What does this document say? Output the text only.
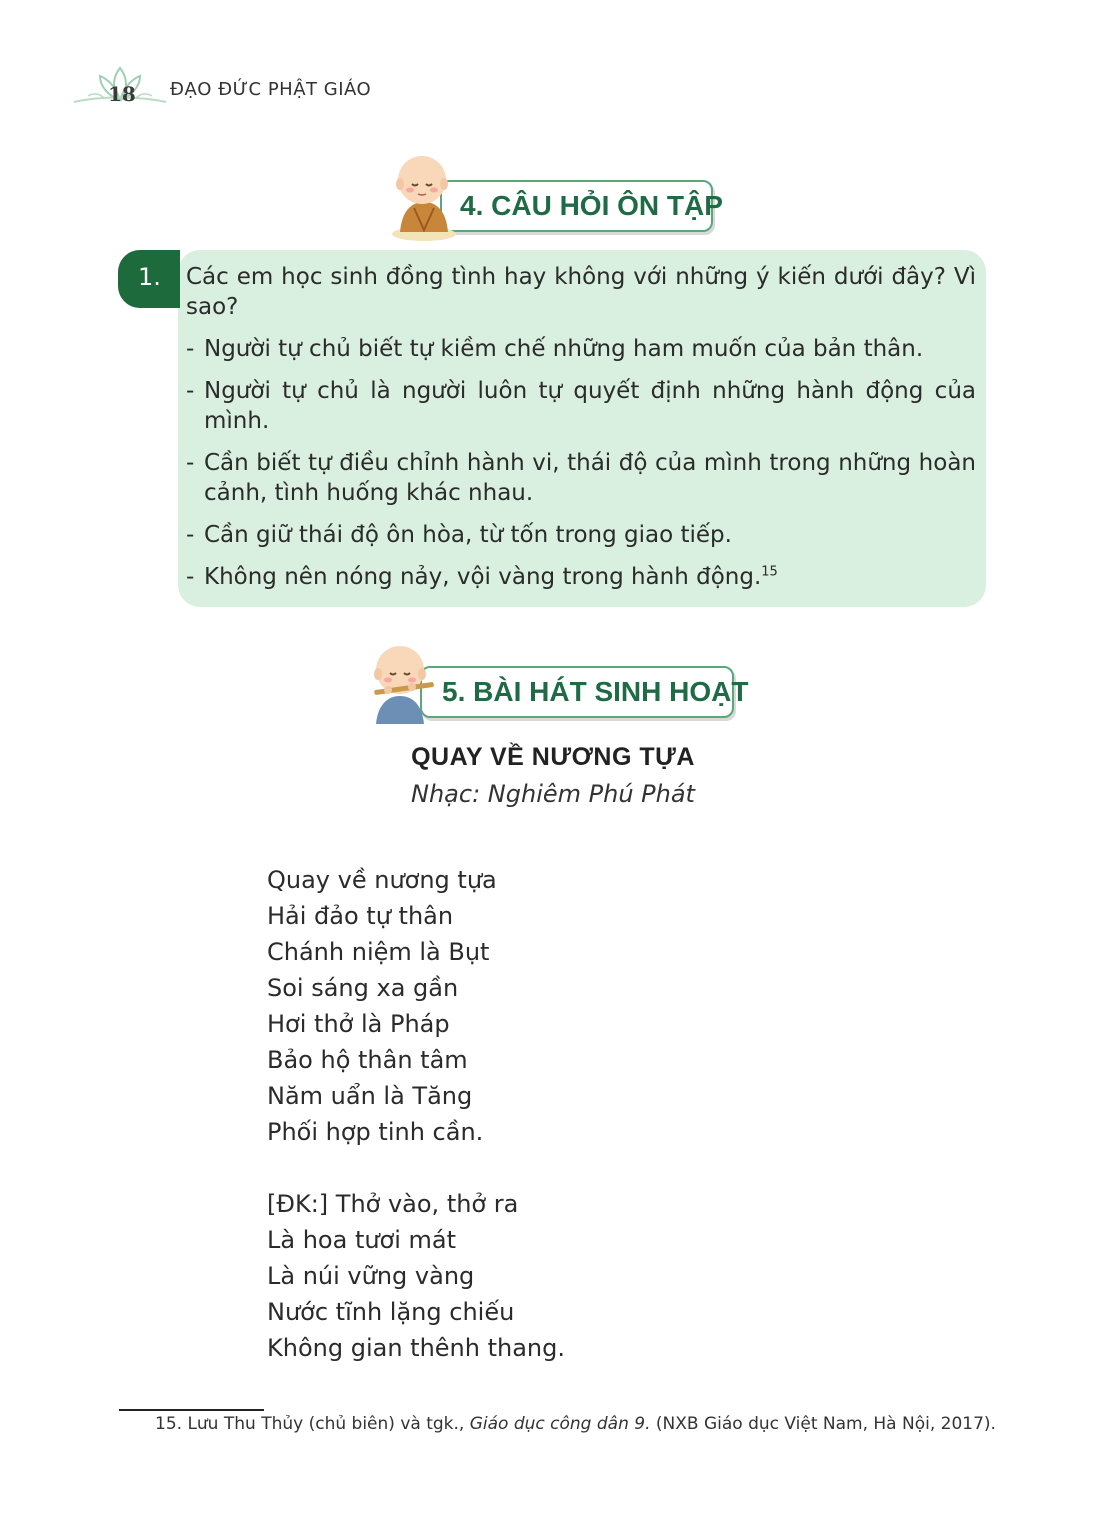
18 ĐẠO ĐỨC PHẬT GIÁO
4. CÂU HỎI ÔN TẬP
1.	Các em học sinh đồng tình hay không với những ý kiến dưới đây? Vì sao?

- Người tự chủ biết tự kiềm chế những ham muốn của bản thân.

- Người tự chủ là người luôn tự quyết định những hành động của mình.

- Cần biết tự điều chỉnh hành vi, thái độ của mình trong những hoàn cảnh, tình huống khác nhau.

- Cần giữ thái độ ôn hòa, từ tốn trong giao tiếp.

- Không nên nóng nảy, vội vàng trong hành động.$^{15}$

5. BÀI HÁT SINH HOẠT
QUAY VỀ NƯƠNG TỰA
Nhạc: Nghiêm Phú Phát
Quay về nương tựa
Hải đảo tự thân
Chánh niệm là Bụt
Soi sáng xa gần
Hơi thở là Pháp
Bảo hộ thân tâm
Năm uẩn là Tăng
Phối hợp tinh cần.
[ĐK:] Thở vào, thở ra
Là hoa tươi mát
Là núi vững vàng
Nước tĩnh lặng chiếu
Không gian thênh thang.
15. Lưu Thu Thủy (chủ biên) và tgk., Giáo dục công dân 9. (NXB Giáo dục Việt Nam, Hà Nội, 2017).
